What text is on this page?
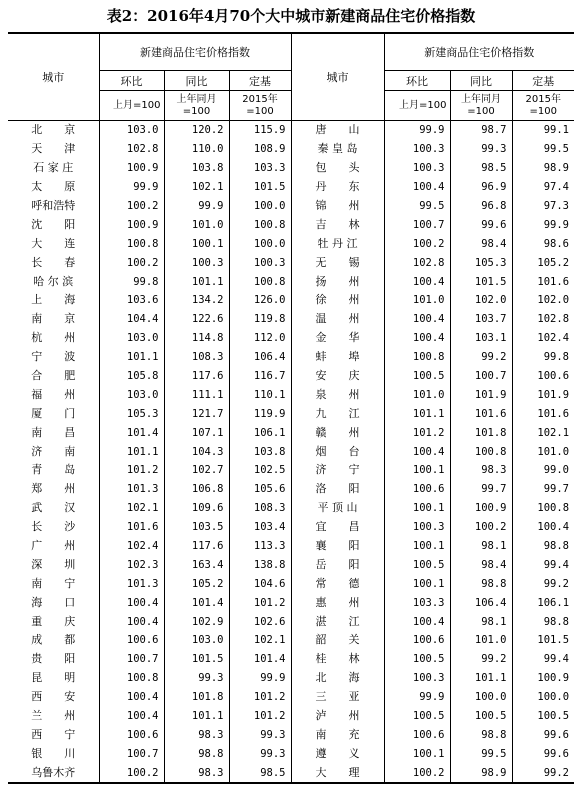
表2：2016年4月70个大中城市新建商品住宅价格指数
城市	新建商品住宅价格指数			城市	新建商品住宅价格指数		
	环比	同比	定基		环比	同比	定基
	上月=100	上年同月=100	2015年=100		上月=100	上年同月=100	2015年=100
北　　京	103.0	120.2	115.9	唐　　山	99.9	98.7	99.1
天　　津	102.8	110.0	108.9	秦 皇 岛	100.3	99.3	99.5
石 家 庄	100.9	103.8	103.3	包　　头	100.3	98.5	98.9
太　　原	99.9	102.1	101.5	丹　　东	100.4	96.9	97.4
呼和浩特	100.2	99.9	100.0	锦　　州	99.5	96.8	97.3
沈　　阳	100.9	101.0	100.8	吉　　林	100.7	99.6	99.9
大　　连	100.8	100.1	100.0	牡 丹 江	100.2	98.4	98.6
长　　春	100.2	100.3	100.3	无　　锡	102.8	105.3	105.2
哈 尔 滨	99.8	101.1	100.8	扬　　州	100.4	101.5	101.6
上　　海	103.6	134.2	126.0	徐　　州	101.0	102.0	102.0
南　　京	104.4	122.6	119.8	温　　州	100.4	103.7	102.8
杭　　州	103.0	114.8	112.0	金　　华	100.4	103.1	102.4
宁　　波	101.1	108.3	106.4	蚌　　埠	100.8	99.2	99.8
合　　肥	105.8	117.6	116.7	安　　庆	100.5	100.7	100.6
福　　州	103.0	111.1	110.1	泉　　州	101.0	101.9	101.9
厦　　门	105.3	121.7	119.9	九　　江	101.1	101.6	101.6
南　　昌	101.4	107.1	106.1	赣　　州	101.2	101.8	102.1
济　　南	101.1	104.3	103.8	烟　　台	100.4	100.8	101.0
青　　岛	101.2	102.7	102.5	济　　宁	100.1	98.3	99.0
郑　　州	101.3	106.8	105.6	洛　　阳	100.6	99.7	99.7
武　　汉	102.1	109.6	108.3	平 顶 山	100.1	100.9	100.8
长　　沙	101.6	103.5	103.4	宜　　昌	100.3	100.2	100.4
广　　州	102.4	117.6	113.3	襄　　阳	100.1	98.1	98.8
深　　圳	102.3	163.4	138.8	岳　　阳	100.5	98.4	99.4
南　　宁	101.3	105.2	104.6	常　　德	100.1	98.8	99.2
海　　口	100.4	101.4	101.2	惠　　州	103.3	106.4	106.1
重　　庆	100.4	102.9	102.6	湛　　江	100.4	98.1	98.8
成　　都	100.6	103.0	102.1	韶　　关	100.6	101.0	101.5
贵　　阳	100.7	101.5	101.4	桂　　林	100.5	99.2	99.4
昆　　明	100.8	99.3	99.9	北　　海	100.3	101.1	100.9
西　　安	100.4	101.8	101.2	三　　亚	99.9	100.0	100.0
兰　　州	100.4	101.1	101.2	泸　　州	100.5	100.5	100.5
西　　宁	100.6	98.3	99.3	南　　充	100.6	98.8	99.6
银　　川	100.7	98.8	99.3	遵　　义	100.1	99.5	99.6
乌鲁木齐	100.2	98.3	98.5	大　　理	100.2	98.9	99.2
